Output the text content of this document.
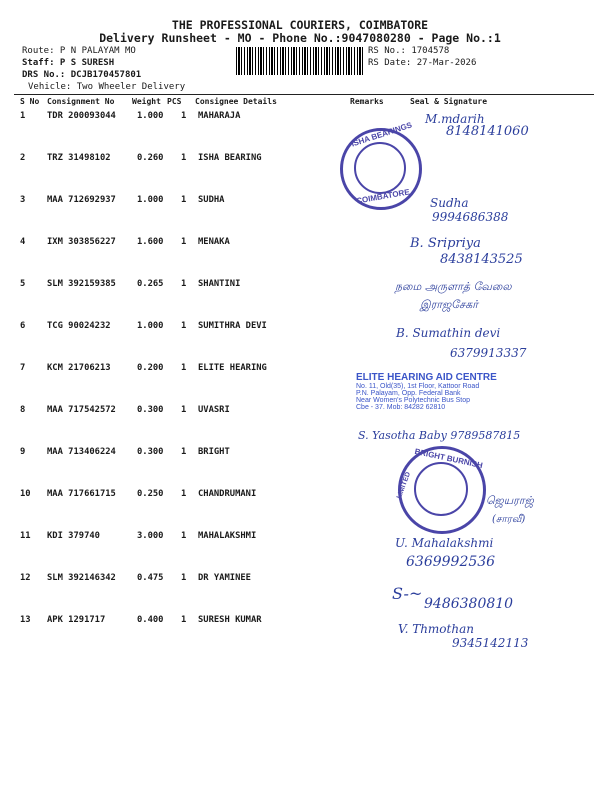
THE PROFESSIONAL COURIERS, COIMBATORE
Delivery Runsheet - MO - Phone No.:9047080280 - Page No.:1
Route: P N PALAYAM MO
Staff: P S SURESH
DRS No.: DCJB170457801
Vehicle: Two Wheeler Delivery
RS No.: 1704578
RS Date: 27-Mar-2026
S No Consignment No Weight PCS Consignee Details	Remarks	Seal & Signature
1 TDR 200093044 1.000 1 MAHARAJA
2 TRZ 31498102	0.260 1 ISHA BEARING
3 MAA 712692937 1.000 1 SUDHA
4 IXM 303856227 1.600 1 MENAKA
5 SLM 392159385 0.265 1 SHANTINI
6 TCG 90024232	1.000 1 SUMITHRA DEVI
7 KCM 21706213	0.200 1 ELITE HEARING
8 MAA 717542572 0.300 1 UVASRI
9 MAA 713406224 0.300 1 BRIGHT
10 MAA 717661715 0.250 1 CHANDRUMANI
11 KDI 379740	3.000 1 MAHALAKSHMI
12 SLM 392146342 0.475 1 DR YAMINEE
13 APK 1291717	0.400 1 SURESH KUMAR
ISHA BEARINGS
COIMBATORE
BRIGHT BURNISH
LIMITED
ELITE HEARING AID CENTRE
No. 11, Old(35), 1st Floor, Kattoor Road
P.N. Palayam, Opp. Federal Bank
Near Women's Polytechnic Bus Stop
Cbe - 37. Mob: 84282 62810
M.mdarih
8148141060
Sudha
9994686388
B. Sripriya
8438143525
நமை அருளாத் வேலை
இராஜசேகர்
B. Sumathin devi
6379913337
S. Yasotha Baby 9789587815
ஜெயராஜ்
(சாரவீ)
U. Mahalakshmi
6369992536
S-~
9486380810
V. Thmothan
9345142113
